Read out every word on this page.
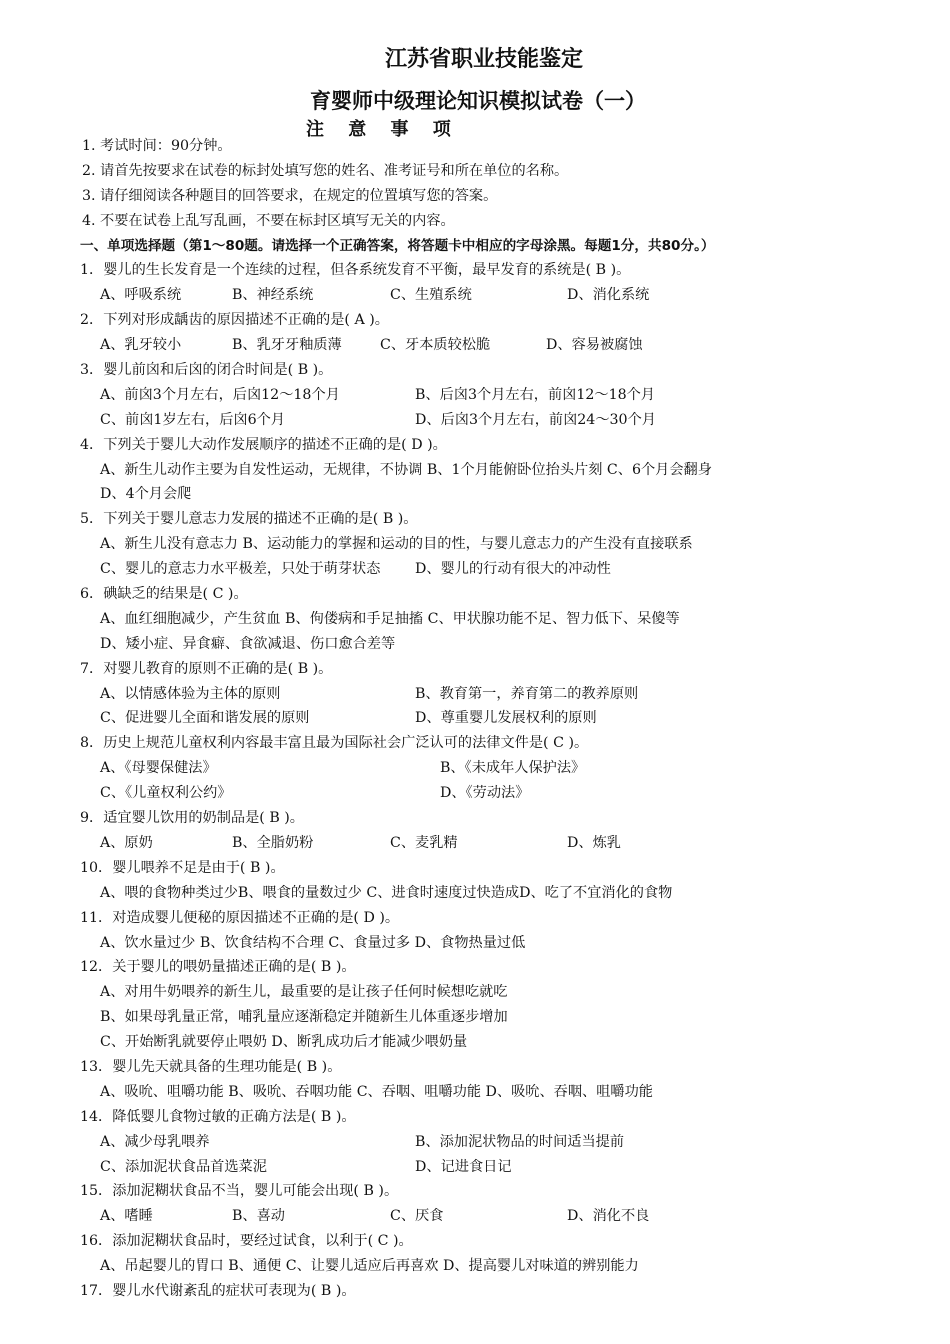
江苏省职业技能鉴定
育婴师中级理论知识模拟试卷（一）
注 意 事 项
1. 考试时间：90分钟。
2. 请首先按要求在试卷的标封处填写您的姓名、准考证号和所在单位的名称。
3. 请仔细阅读各种题目的回答要求，在规定的位置填写您的答案。
4. 不要在试卷上乱写乱画，不要在标封区填写无关的内容。
一、单项选择题（第1～80题。请选择一个正确答案，将答题卡中相应的字母涂黑。每题1分，共80分。）
1．婴儿的生长发育是一个连续的过程，但各系统发育不平衡，最早发育的系统是( B )。
A、呼吸系统	B、神经系统	C、生殖系统	D、消化系统
2．下列对形成龋齿的原因描述不正确的是( A )。
A、乳牙较小	B、乳牙牙釉质薄	C、牙本质较松脆	D、容易被腐蚀
3．婴儿前囟和后囟的闭合时间是( B )。
A、前囟3个月左右，后囟12～18个月	B、后囟3个月左右，前囟12～18个月
C、前囟1岁左右，后囟6个月	D、后囟3个月左右，前囟24～30个月
4．下列关于婴儿大动作发展顺序的描述不正确的是( D )。
A、新生儿动作主要为自发性运动，无规律，不协调 B、1个月能俯卧位抬头片刻 C、6个月会翻身
D、4个月会爬
5．下列关于婴儿意志力发展的描述不正确的是( B )。
A、新生儿没有意志力 B、运动能力的掌握和运动的目的性，与婴儿意志力的产生没有直接联系
C、婴儿的意志力水平极差，只处于萌芽状态 D、婴儿的行动有很大的冲动性
6．碘缺乏的结果是( C )。
A、血红细胞减少，产生贫血 B、佝偻病和手足抽搐 C、甲状腺功能不足、智力低下、呆傻等
D、矮小症、异食癖、食欲减退、伤口愈合差等
7．对婴儿教育的原则不正确的是( B )。
A、以情感体验为主体的原则	B、教育第一，养育第二的教养原则
C、促进婴儿全面和谐发展的原则	D、尊重婴儿发展权利的原则
8．历史上规范儿童权利内容最丰富且最为国际社会广泛认可的法律文件是( C )。
A、《母婴保健法》	B、《未成年人保护法》
C、《儿童权利公约》	D、《劳动法》
9．适宜婴儿饮用的奶制品是( B )。
A、原奶	B、全脂奶粉	C、麦乳精	D、炼乳
10．婴儿喂养不足是由于( B )。
A、喂的食物种类过少B、喂食的量数过少 C、进食时速度过快造成D、吃了不宜消化的食物
11．对造成婴儿便秘的原因描述不正确的是( D )。
A、饮水量过少 B、饮食结构不合理 C、食量过多 D、食物热量过低
12．关于婴儿的喂奶量描述正确的是( B )。
A、对用牛奶喂养的新生儿，最重要的是让孩子任何时候想吃就吃
B、如果母乳量正常，哺乳量应逐渐稳定并随新生儿体重逐步增加
C、开始断乳就要停止喂奶 D、断乳成功后才能减少喂奶量
13．婴儿先天就具备的生理功能是( B )。
A、吸吮、咀嚼功能 B、吸吮、吞咽功能 C、吞咽、咀嚼功能 D、吸吮、吞咽、咀嚼功能
14．降低婴儿食物过敏的正确方法是( B )。
A、减少母乳喂养	B、添加泥状物品的时间适当提前
C、添加泥状食品首选菜泥	D、记进食日记
15．添加泥糊状食品不当，婴儿可能会出现( B )。
A、嗜睡	B、喜动	C、厌食	D、消化不良
16．添加泥糊状食品时，要经过试食，以利于( C )。
A、吊起婴儿的胃口 B、通便 C、让婴儿适应后再喜欢 D、提高婴儿对味道的辨别能力
17．婴儿水代谢紊乱的症状可表现为( B )。
